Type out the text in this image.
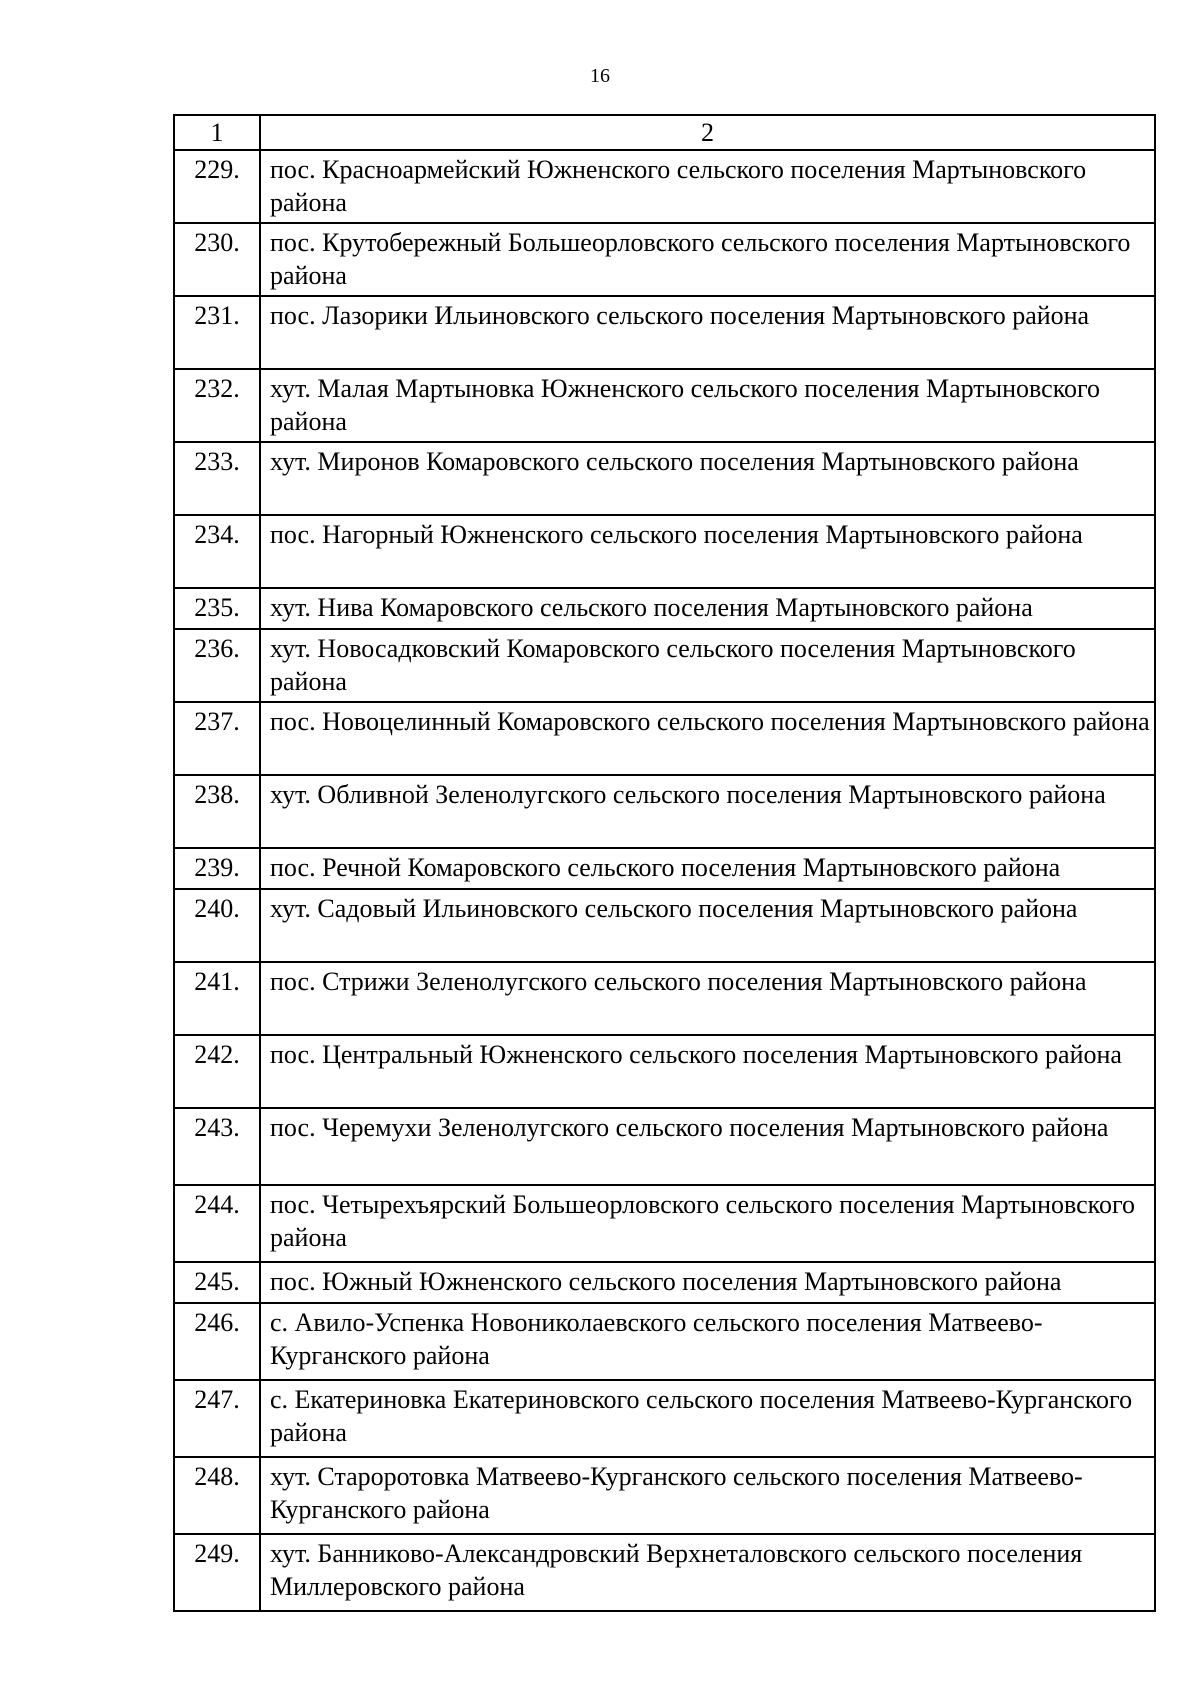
16
1	2
229.	пос. Красноармейский Южненского сельского поселения Мартыновского района
230.	пос. Крутобережный Большеорловского сельского поселения Мартыновского района
231.	пос. Лазорики Ильиновского сельского поселения Мартыновского района
232.	хут. Малая Мартыновка Южненского сельского поселения Мартыновского района
233.	хут. Миронов Комаровского сельского поселения Мартыновского района
234.	пос. Нагорный Южненского сельского поселения Мартыновского района
235.	хут. Нива Комаровского сельского поселения Мартыновского района
236.	хут. Новосадковский Комаровского сельского поселения Мартыновского района
237.	пос. Новоцелинный Комаровского сельского поселения Мартыновского района
238.	хут. Обливной Зеленолугского сельского поселения Мартыновского района
239.	пос. Речной Комаровского сельского поселения Мартыновского района
240.	хут. Садовый Ильиновского сельского поселения Мартыновского района
241.	пос. Стрижи Зеленолугского сельского поселения Мартыновского района
242.	пос. Центральный Южненского сельского поселения Мартыновского района
243.	пос. Черемухи Зеленолугского сельского поселения Мартыновского района
244.	пос. Четырехъярский Большеорловского сельского поселения Мартыновского района
245.	пос. Южный Южненского сельского поселения Мартыновского района
246.	с. Авило-Успенка Новониколаевского сельского поселения Матвеево-Курганского района
247.	с. Екатериновка Екатериновского сельского поселения Матвеево-Курганского района
248.	хут. Староротовка Матвеево-Курганского сельского поселения Матвеево-Курганского района
249.	хут. Банниково-Александровский Верхнеталовского сельского поселения Миллеровского района
